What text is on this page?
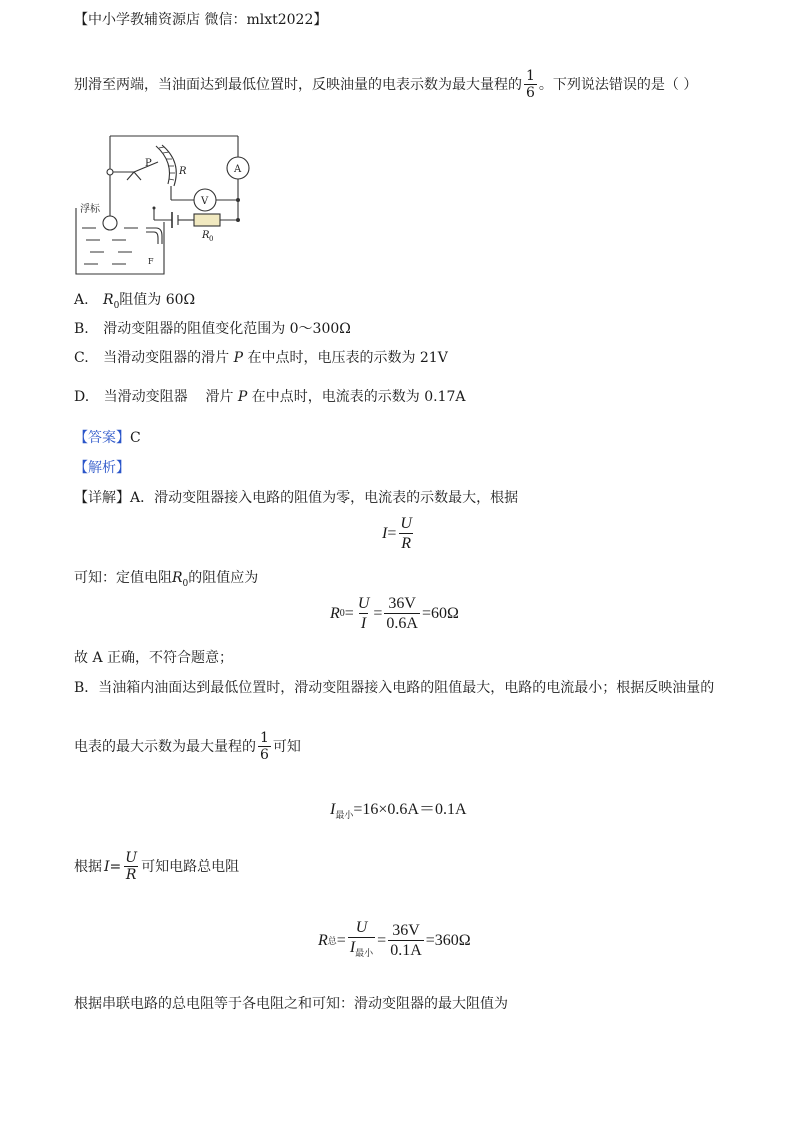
【中小学教辅资源店 微信：mlxt2022】
别滑至两端，当油面达到最低位置时，反映油量的电表示数为最大量程的 $\frac{1}{6}$ 。下列说法错误的是（ ）
浮标
P
R	A
V
R 0
F
A. $R_0$阻值为 60Ω
B. 滑动变阻器的阻值变化范围为 0～300Ω
C. 当滑动变阻器的滑片 P 在中点时，电压表的示数为 21V
D. 当滑动变阻器    滑片 P 在中点时，电流表的示数为 0.17A
【答案】C
【解析】
【详解】A．滑动变阻器接入电路的阻值为零，电流表的示数最大，根据
$I = \frac{U}{R}$
可知：定值电阻$R_0$的阻值应为
R $0 = \frac{U}{I} = \frac{36V}{0.6A} =60\Omega$
故 A 正确，不符合题意；
B．当油箱内油面达到最低位置时，滑动变阻器接入电路的阻值最大，电路的电流最小；根据反映油量的
电表的最大示数为最大量程的 $\frac{1}{6}$ 可知
$I_{最小}=16\times 0.6A=0.1A$
根据 $I = \frac{U}{R}$ 可知电路总电阻
R 总 = $\frac{U}{I_{最小}} = \frac{36V}{0.1A} =360\Omega$
根据串联电路的总电阻等于各电阻之和可知：滑动变阻器的最大阻值为
